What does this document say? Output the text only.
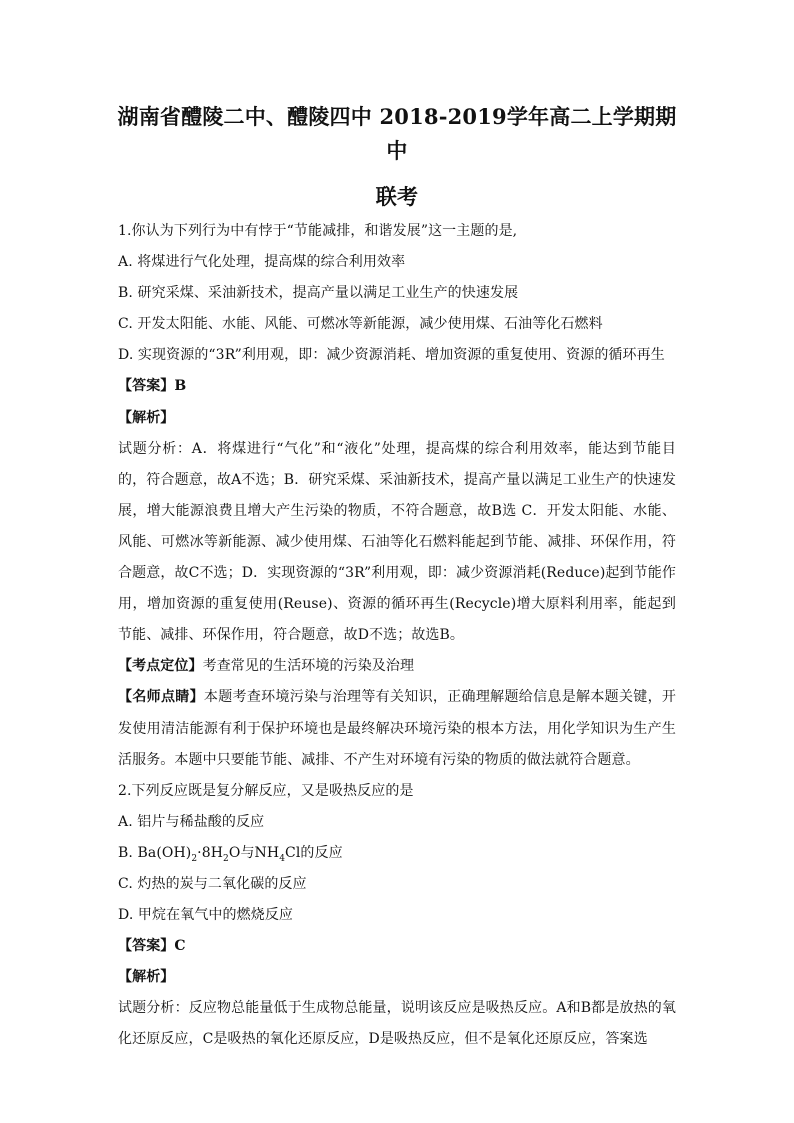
湖南省醴陵二中、醴陵四中 2018-2019学年高二上学期期中
联考
1.你认为下列行为中有悖于“节能减排，和谐发展”这一主题的是,
A. 将煤进行气化处理，提高煤的综合利用效率
B. 研究采煤、采油新技术，提高产量以满足工业生产的快速发展
C. 开发太阳能、水能、风能、可燃冰等新能源，减少使用煤、石油等化石燃料
D. 实现资源的“3R”利用观，即：减少资源消耗、增加资源的重复使用、资源的循环再生
【答案】B
【解析】
试题分析：A．将煤进行“气化”和“液化”处理，提高煤的综合利用效率，能达到节能目的，符合题意，故A不选；B．研究采煤、采油新技术，提高产量以满足工业生产的快速发展，增大能源浪费且增大产生污染的物质，不符合题意，故B选 C．开发太阳能、水能、风能、可燃冰等新能源、减少使用煤、石油等化石燃料能起到节能、减排、环保作用，符合题意，故C不选；D．实现资源的“3R”利用观，即：减少资源消耗(Reduce)起到节能作用，增加资源的重复使用(Reuse)、资源的循环再生(Recycle)增大原料利用率，能起到节能、减排、环保作用，符合题意，故D不选；故选B。
【考点定位】考查常见的生活环境的污染及治理
【名师点睛】本题考查环境污染与治理等有关知识，正确理解题给信息是解本题关键，开发使用清洁能源有利于保护环境也是最终解决环境污染的根本方法，用化学知识为生产生活服务。本题中只要能节能、减排、不产生对环境有污染的物质的做法就符合题意。
2.下列反应既是复分解反应，又是吸热反应的是
A. 铝片与稀盐酸的反应
B. $Ba(OH)_2\cdot 8H_2O$与$NH_4Cl$的反应
C. 灼热的炭与二氧化碳的反应
D. 甲烷在氧气中的燃烧反应
【答案】C
【解析】
试题分析：反应物总能量低于生成物总能量，说明该反应是吸热反应。A和B都是放热的氧化还原反应，C是吸热的氧化还原反应，D是吸热反应，但不是氧化还原反应，答案选
